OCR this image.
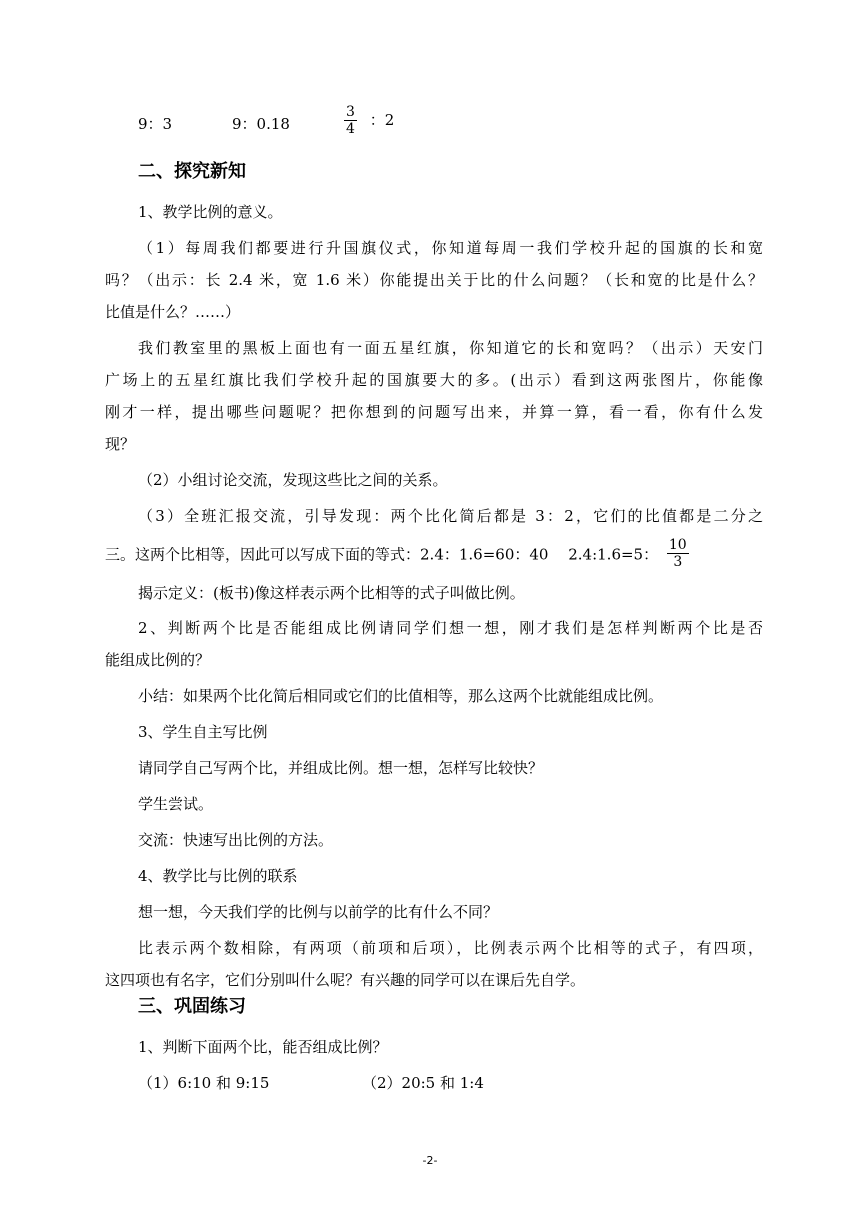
9：3	9：0.18	$\frac{3}{4}$ ：2
二、探究新知
1、教学比例的意义。
（1）每周我们都要进行升国旗仪式，你知道每周一我们学校升起的国旗的长和宽
吗？（出示：长 2.4 米，宽 1.6 米）你能提出关于比的什么问题？（长和宽的比是什么？
比值是什么？……）
我们教室里的黑板上面也有一面五星红旗，你知道它的长和宽吗？（出示）天安门
广场上的五星红旗比我们学校升起的国旗要大的多。(出示）看到这两张图片，你能像
刚才一样，提出哪些问题呢？把你想到的问题写出来，并算一算，看一看，你有什么发
现？
（2）小组讨论交流，发现这些比之间的关系。
（3）全班汇报交流，引导发现：两个比化简后都是 3：2，它们的比值都是二分之
三。这两个比相等，因此可以写成下面的等式：2.4：1.6=60：40　 2.4:1.6=5： $\frac{10}{3}$
揭示定义：(板书)像这样表示两个比相等的式子叫做比例。
2、判断两个比是否能组成比例请同学们想一想，刚才我们是怎样判断两个比是否
能组成比例的？
小结：如果两个比化简后相同或它们的比值相等，那么这两个比就能组成比例。
3、学生自主写比例
请同学自己写两个比，并组成比例。想一想，怎样写比较快？
学生尝试。
交流：快速写出比例的方法。
4、教学比与比例的联系
想一想，今天我们学的比例与以前学的比有什么不同？
比表示两个数相除，有两项（前项和后项），比例表示两个比相等的式子，有四项，
这四项也有名字，它们分别叫什么呢？有兴趣的同学可以在课后先自学。
三、巩固练习
1、判断下面两个比，能否组成比例？
（1）6:10 和 9:15	（2）20:5 和 1:4
-2-
